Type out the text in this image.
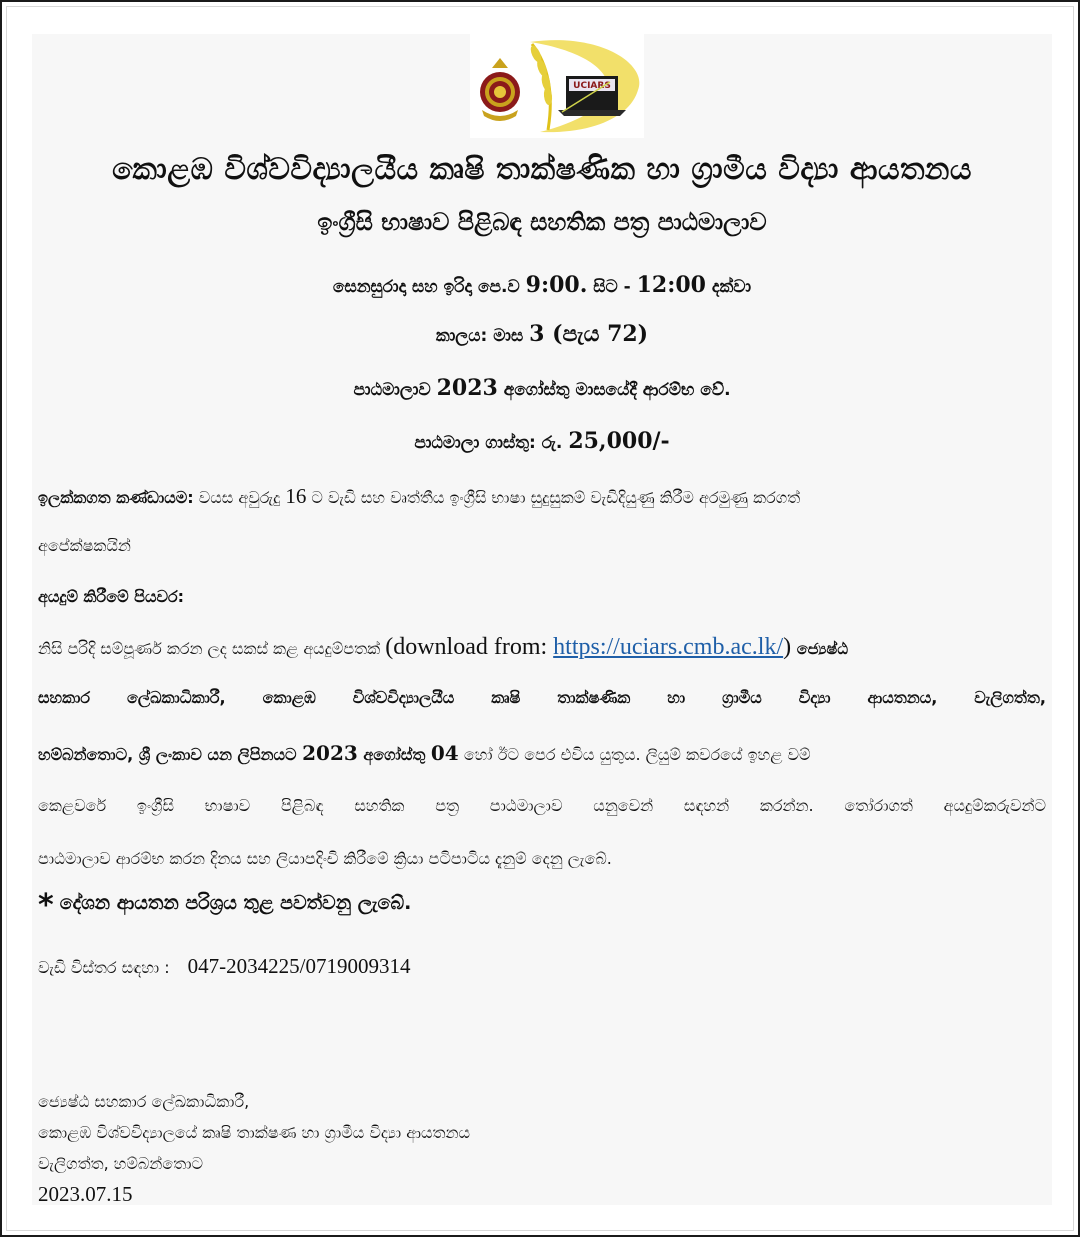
UCIARS
කොළඹ විශ්වවිද්‍යාලයීය කෘෂි තාක්ෂණික හා ග්‍රාමීය විද්‍යා ආයතනය
ඉංග්‍රීසි භාෂාව පිළිබඳ සහතික පත්‍ර පාඨමාලාව
සෙනසුරාදා සහ ඉරිදා පෙ.ව 9:00. සිට - 12:00 දක්වා
කාලය: මාස 3 (පැය 72)
පාඨමාලාව 2023 අගෝස්තු මාසයේදී ආරම්භ වේ.
පාඨමාලා ගාස්තු: රු. 25,000/-
ඉලක්කගත කණ්ඩායම: වයස අවුරුදු 16 ට වැඩි සහ වෘත්තීය ඉංග්‍රීසි භාෂා සුදුසුකම් වැඩිදියුණු කිරීම අරමුණු කරගත්
අපේක්ෂකයින්
අයදුම් කිරීමේ පියවර:
නිසි පරිදි සම්පූර්ණ කරන ලද සකස් කළ අයදුම්පතක් (download from: https://uciars.cmb.ac.lk/) ජ්‍යෙෂ්ඨ
සහකාර ලේඛකාධිකාරී, කොළඹ විශ්වවිද්‍යාලයීය කෘෂි තාක්ෂණික හා ග්‍රාමීය විද්‍යා ආයතනය, වැලිගත්ත,
හම්බන්තොට, ශ්‍රී ලංකාව යන ලිපිනයට 2023 අගෝස්තු 04 හෝ ඊට පෙර එවිය යුතුය. ලියුම් කවරයේ ඉහළ වම්
කෙළවරේ ඉංග්‍රීසි භාෂාව පිළිබඳ සහතික පත්‍ර පාඨමාලාව යනුවෙන් සඳහන් කරන්න. තෝරාගත් අයදුම්කරුවන්ට
පාඨමාලාව ආරම්භ කරන දිනය සහ ලියාපදිංචි කිරීමේ ක්‍රියා පටිපාටිය දැනුම් දෙනු ලැබේ.
* දේශන ආයතන පරිශ්‍රය තුළ පවත්වනු ලැබේ.
වැඩි විස්තර සඳහා : 047-2034225/0719009314
ජ්‍යෙෂ්ඨ සහකාර ලේඛකාධිකාරී,
කොළඹ විශ්වවිද්‍යාලයේ කෘෂි තාක්ෂණ හා ග්‍රාමීය විද්‍යා ආයතනය
වැලිගත්ත, හම්බන්තොට
2023.07.15
